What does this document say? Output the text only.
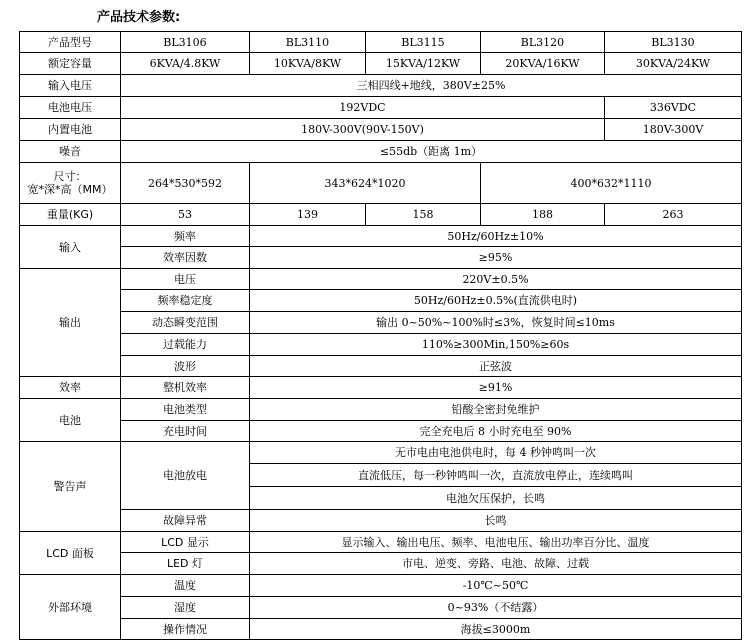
产品技术参数:
产品型号	BL3106	BL3110	BL3115	BL3120	BL3130
额定容量	6KVA/4.8KW	10KVA/8KW	15KVA/12KW	20KVA/16KW	30KVA/24KW
输入电压	三相四线+地线，380V±25%				
电池电压	192VDC				336VDC
内置电池	180V-300V(90V-150V)				180V-300V
噪音	≤55db（距离 1m）				
尺寸：
宽*深*高（MM）	264*530*592	343*624*1020		400*632*1110	
重量(KG)	53	139	158	188	263
输入	频率	50Hz/60Hz±10%			
	效率因数	≥95%			
输出	电压	220V±0.5%			
	频率稳定度	50Hz/60Hz±0.5%(直流供电时)			
	动态瞬变范围	输出 0~50%~100%时≤3%，恢复时间≤10ms			
	过载能力	110%≥300Min,150%≥60s			
	波形	正弦波			
效率	整机效率	≥91%			
电池	电池类型	铅酸全密封免维护			
	充电时间	完全充电后 8 小时充电至 90%			
警告声	电池放电	无市电由电池供电时，每 4 秒钟鸣叫一次			
		直流低压，每一秒钟鸣叫一次，直流放电停止，连续鸣叫			
		电池欠压保护，长鸣			
	故障异常	长鸣			
LCD 面板	LCD 显示	显示输入、输出电压、频率、电池电压、输出功率百分比、温度			
	LED 灯	市电、逆变、旁路、电池、故障、过载			
外部环境	温度	-10℃~50℃			
	湿度	0~93%（不结露）			
	操作情况	海拔≤3000m			
